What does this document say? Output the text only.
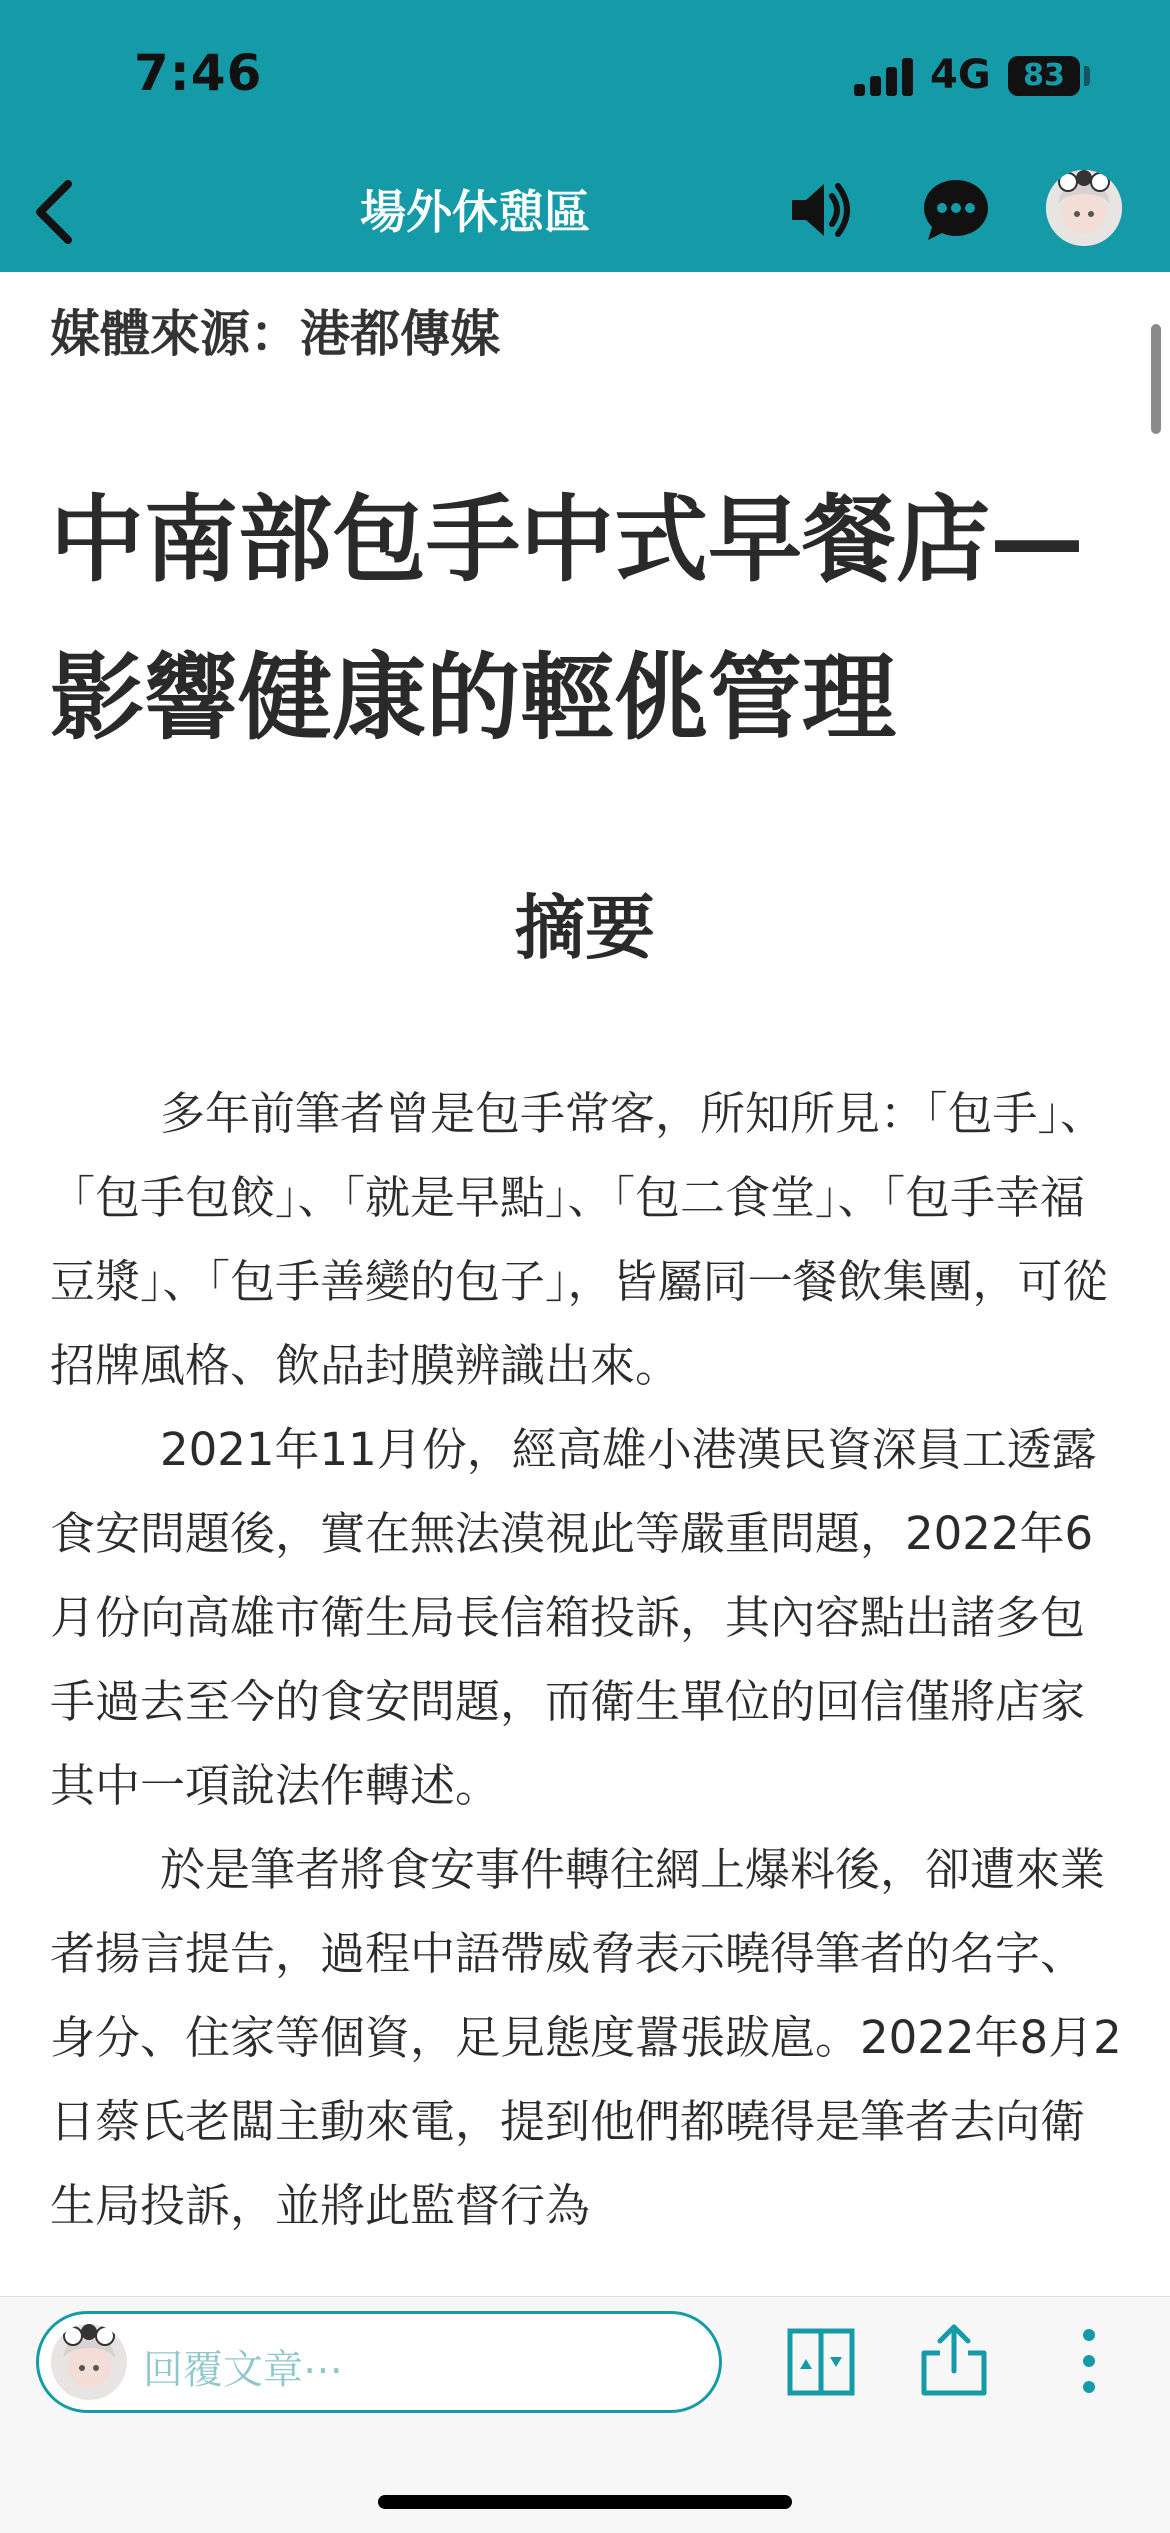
7:46	4G	83
場外休憩區
媒體來源：港都傳媒
中南部包手中式早餐店—影響健康的輕佻管理
摘要

多年前筆者曾是包手常客，所知所見：「包手」、「包手包餃」、「就是早點」、「包二食堂」、「包手幸福豆漿」、「包手善變的包子」，皆屬同一餐飲集團，可從招牌風格、飲品封膜辨識出來。

2021年11月份，經高雄小港漢民資深員工透露食安問題後，實在無法漠視此等嚴重問題，2022年6月份向高雄市衛生局長信箱投訴，其內容點出諸多包手過去至今的食安問題，而衛生單位的回信僅將店家其中一項說法作轉述。

於是筆者將食安事件轉往網上爆料後，卻遭來業者揚言提告，過程中語帶威脅表示曉得筆者的名字、身分、住家等個資，足見態度囂張跋扈。2022年8月2日蔡氏老闆主動來電，提到他們都曉得是筆者去向衛生局投訴，並將此監督行為

回覆文章⋯
